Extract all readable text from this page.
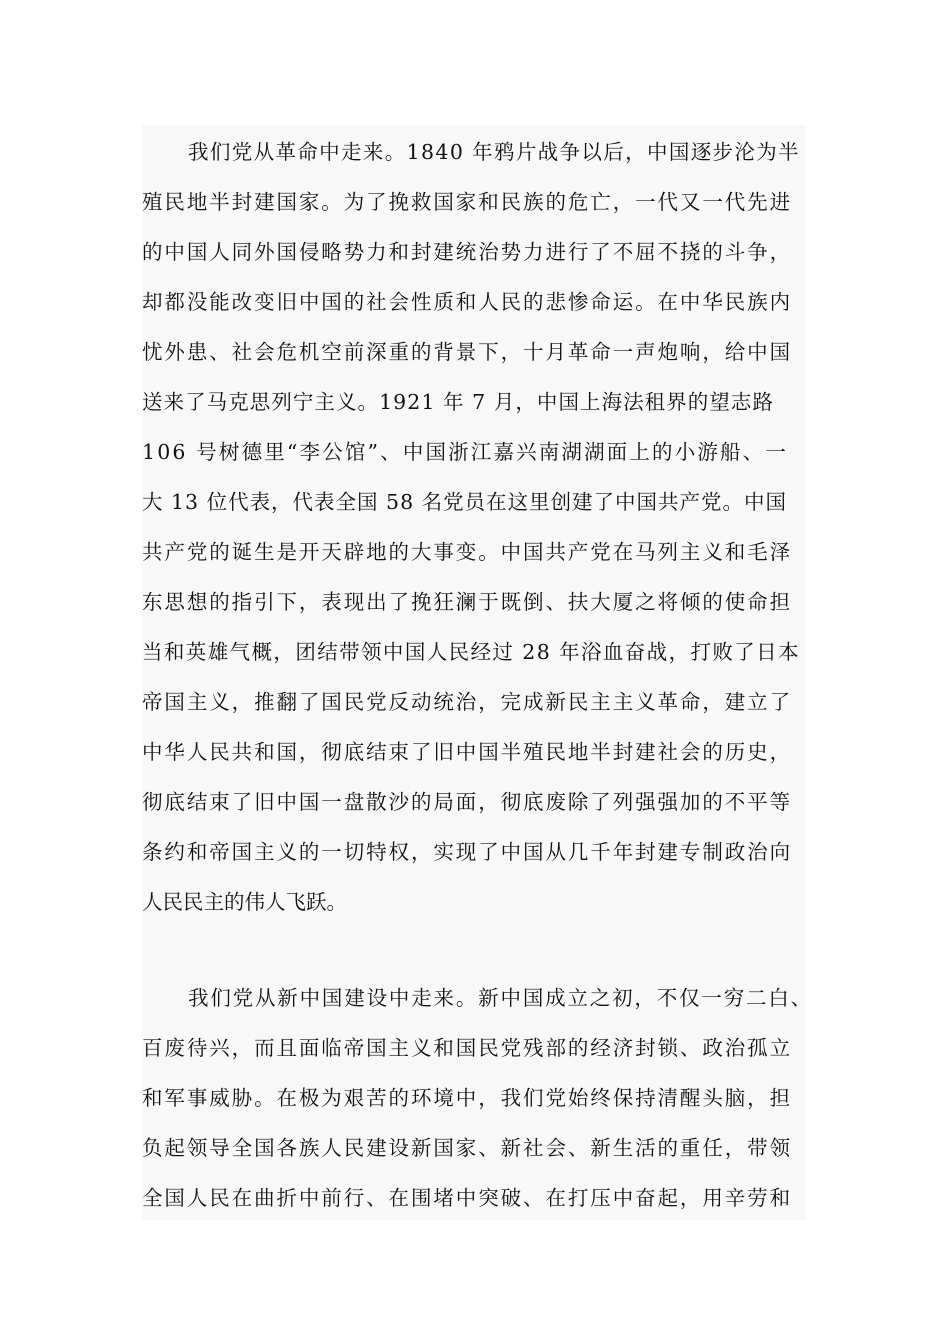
我们党从革命中走来。1840 年鸦片战争以后，中国逐步沦为半
殖民地半封建国家。为了挽救国家和民族的危亡，一代又一代先进
的中国人同外国侵略势力和封建统治势力进行了不屈不挠的斗争，
却都没能改变旧中国的社会性质和人民的悲惨命运。在中华民族内
忧外患、社会危机空前深重的背景下，十月革命一声炮响，给中国
送来了马克思列宁主义。1921 年 7 月，中国上海法租界的望志路
106 号树德里“李公馆”、中国浙江嘉兴南湖湖面上的小游船、一
大 13 位代表，代表全国 58 名党员在这里创建了中国共产党。中国
共产党的诞生是开天辟地的大事变。中国共产党在马列主义和毛泽
东思想的指引下，表现出了挽狂澜于既倒、扶大厦之将倾的使命担
当和英雄气概，团结带领中国人民经过 28 年浴血奋战，打败了日本
帝国主义，推翻了国民党反动统治，完成新民主主义革命，建立了
中华人民共和国，彻底结束了旧中国半殖民地半封建社会的历史，
彻底结束了旧中国一盘散沙的局面，彻底废除了列强强加的不平等
条约和帝国主义的一切特权，实现了中国从几千年封建专制政治向
人民民主的伟人飞跃。
我们党从新中国建设中走来。新中国成立之初，不仅一穷二白、
百废待兴，而且面临帝国主义和国民党残部的经济封锁、政治孤立
和军事威胁。在极为艰苦的环境中，我们党始终保持清醒头脑，担
负起领导全国各族人民建设新国家、新社会、新生活的重任，带领
全国人民在曲折中前行、在围堵中突破、在打压中奋起，用辛劳和
